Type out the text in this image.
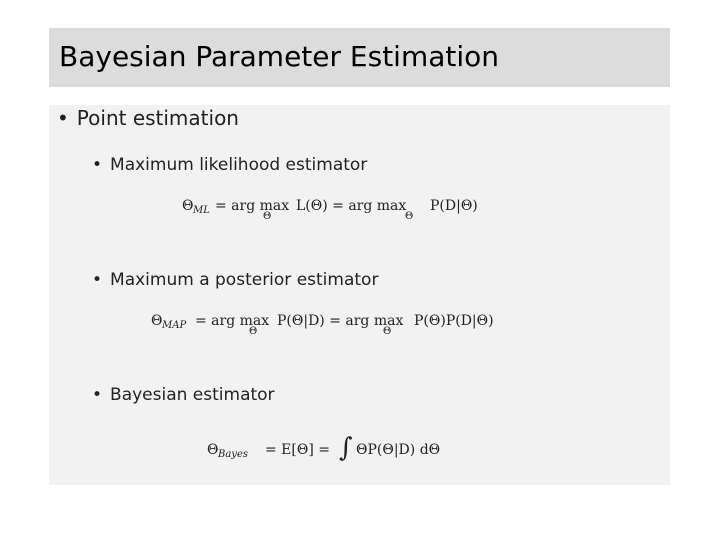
Bayesian Parameter Estimation
• Point estimation
• Maximum likelihood estimator
Θ ML = arg max
Θ
L(Θ) = arg max
Θ
P(D|Θ)
• Maximum a posterior estimator
Θ MAP = arg max
Θ
P(Θ|D) = arg max
Θ
P(Θ)P(D|Θ)
• Bayesian estimator
Θ Bayes = E[Θ] = ∫ ΘP(Θ|D) dΘ
